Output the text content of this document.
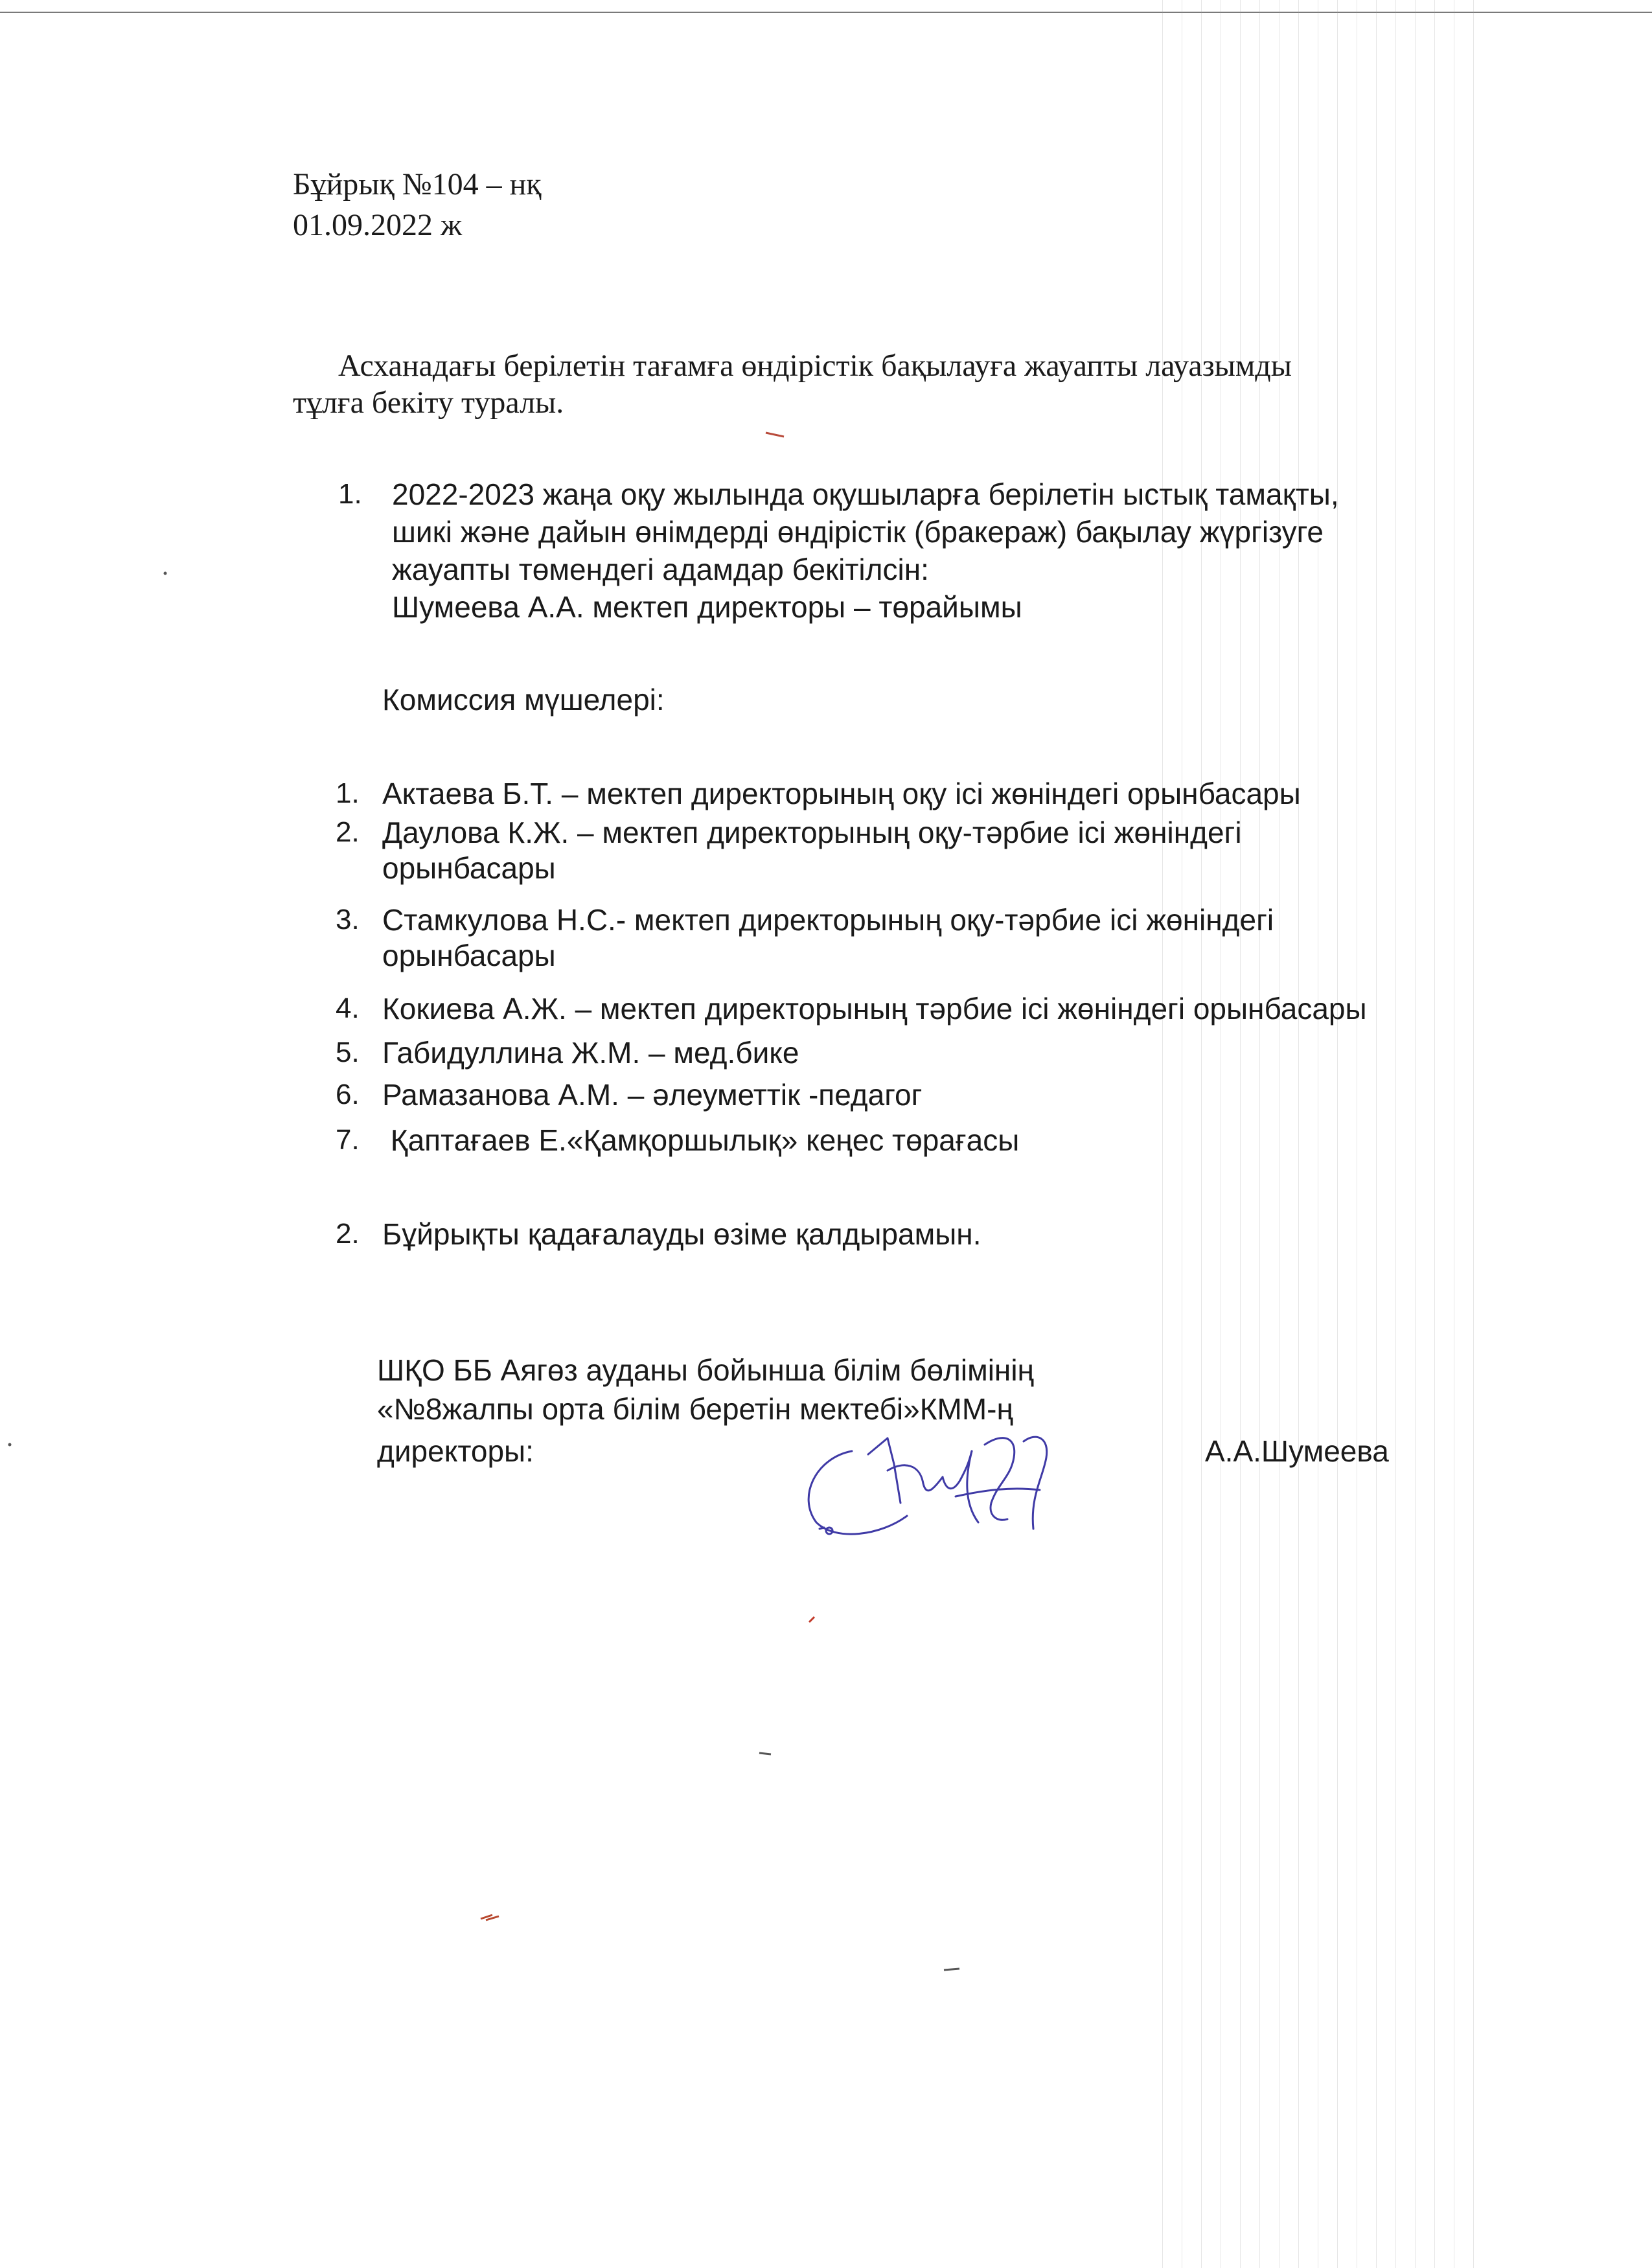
Бұйрық №104 – нқ
01.09.2022 ж
Асханадағы берілетін тағамға өндірістік бақылауға жауапты лауазымды
тұлға бекіту туралы.
1. 2022-2023 жаңа оқу жылында оқушыларға берілетін ыстық тамақты,
шикі және дайын өнімдерді өндірістік (бракераж) бақылау жүргізуге
жауапты төмендегі адамдар бекітілсін:
Шумеева А.А. мектеп директоры – төрайымы
Комиссия мүшелері:
1. Актаева Б.Т. – мектеп директорының оқу ісі жөніндегі орынбасары
2. Даулова К.Ж. – мектеп директорының оқу-тәрбие ісі жөніндегі
орынбасары
3. Стамкулова Н.С.- мектеп директорының оқу-тәрбие ісі жөніндегі
орынбасары
4. Кокиева А.Ж. – мектеп директорының тәрбие ісі жөніндегі орынбасары
5. Габидуллина Ж.М. – мед.бике
6. Рамазанова А.М. – әлеуметтік -педагог
7. Қаптағаев Е.«Қамқоршылық» кеңес төрағасы
2. Бұйрықты қадағалауды өзіме қалдырамын.
ШҚО ББ Аягөз ауданы бойынша білім бөлімінің
«№8жалпы орта білім беретін мектебі»КММ-ң
директоры:	А.А.Шумеева
